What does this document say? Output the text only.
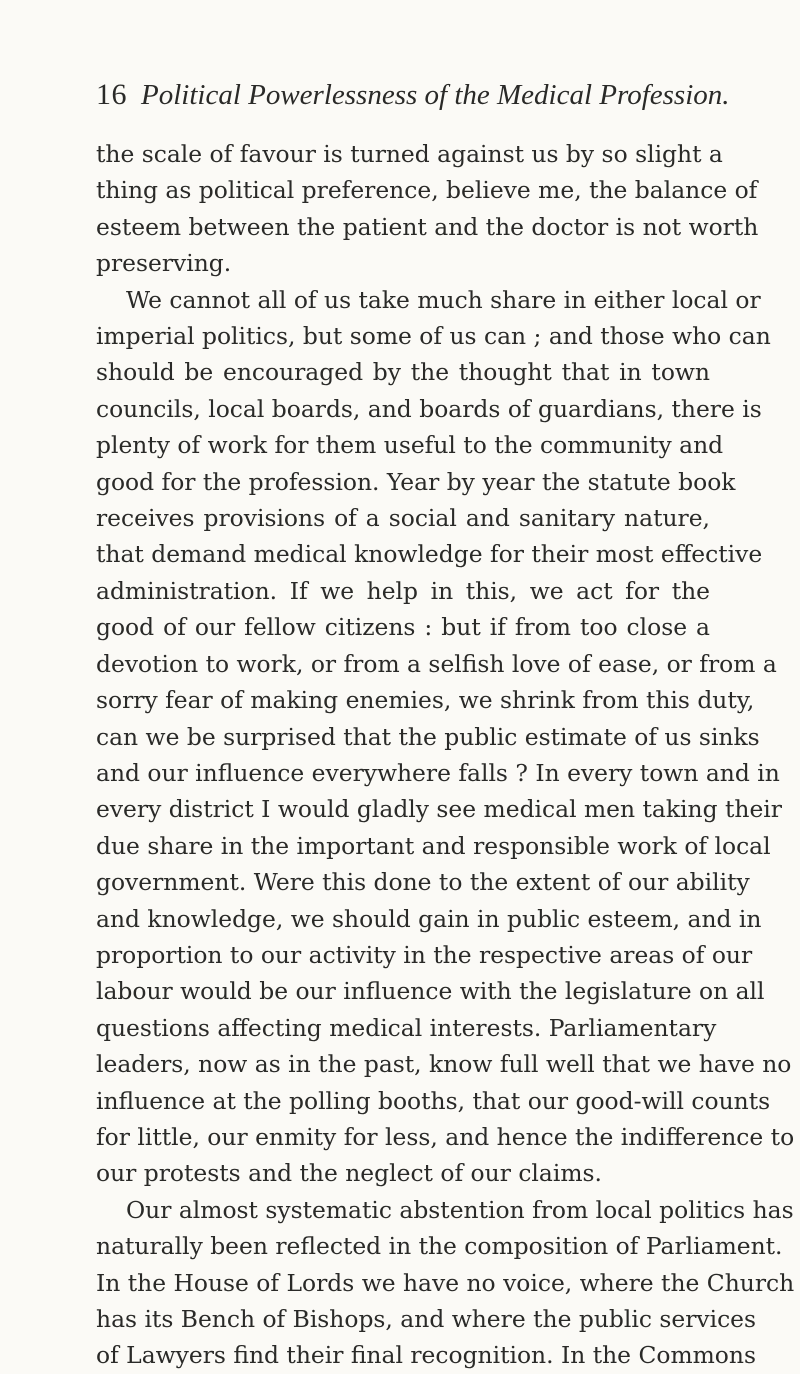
16 Political Powerlessness of the Medical Profession.
the scale of favour is turned against us by so slight a
thing as political preference, believe me, the balance of
esteem between the patient and the doctor is not worth
preserving.
We cannot all of us take much share in either local or
imperial politics, but some of us can ; and those who can
should be encouraged by the thought that in town
councils, local boards, and boards of guardians, there is
plenty of work for them useful to the community and
good for the profession. Year by year the statute book
receives provisions of a social and sanitary nature,
that demand medical knowledge for their most effective
administration. If we help in this, we act for the
good of our fellow citizens : but if from too close a
devotion to work, or from a selfish love of ease, or from a
sorry fear of making enemies, we shrink from this duty,
can we be surprised that the public estimate of us sinks
and our influence everywhere falls ? In every town and in
every district I would gladly see medical men taking their
due share in the important and responsible work of local
government. Were this done to the extent of our ability
and knowledge, we should gain in public esteem, and in
proportion to our activity in the respective areas of our
labour would be our influence with the legislature on all
questions affecting medical interests. Parliamentary
leaders, now as in the past, know full well that we have no
influence at the polling booths, that our good-will counts
for little, our enmity for less, and hence the indifference to
our protests and the neglect of our claims.
Our almost systematic abstention from local politics has
naturally been reflected in the composition of Parliament.
In the House of Lords we have no voice, where the Church
has its Bench of Bishops, and where the public services
of Lawyers find their final recognition. In the Commons
